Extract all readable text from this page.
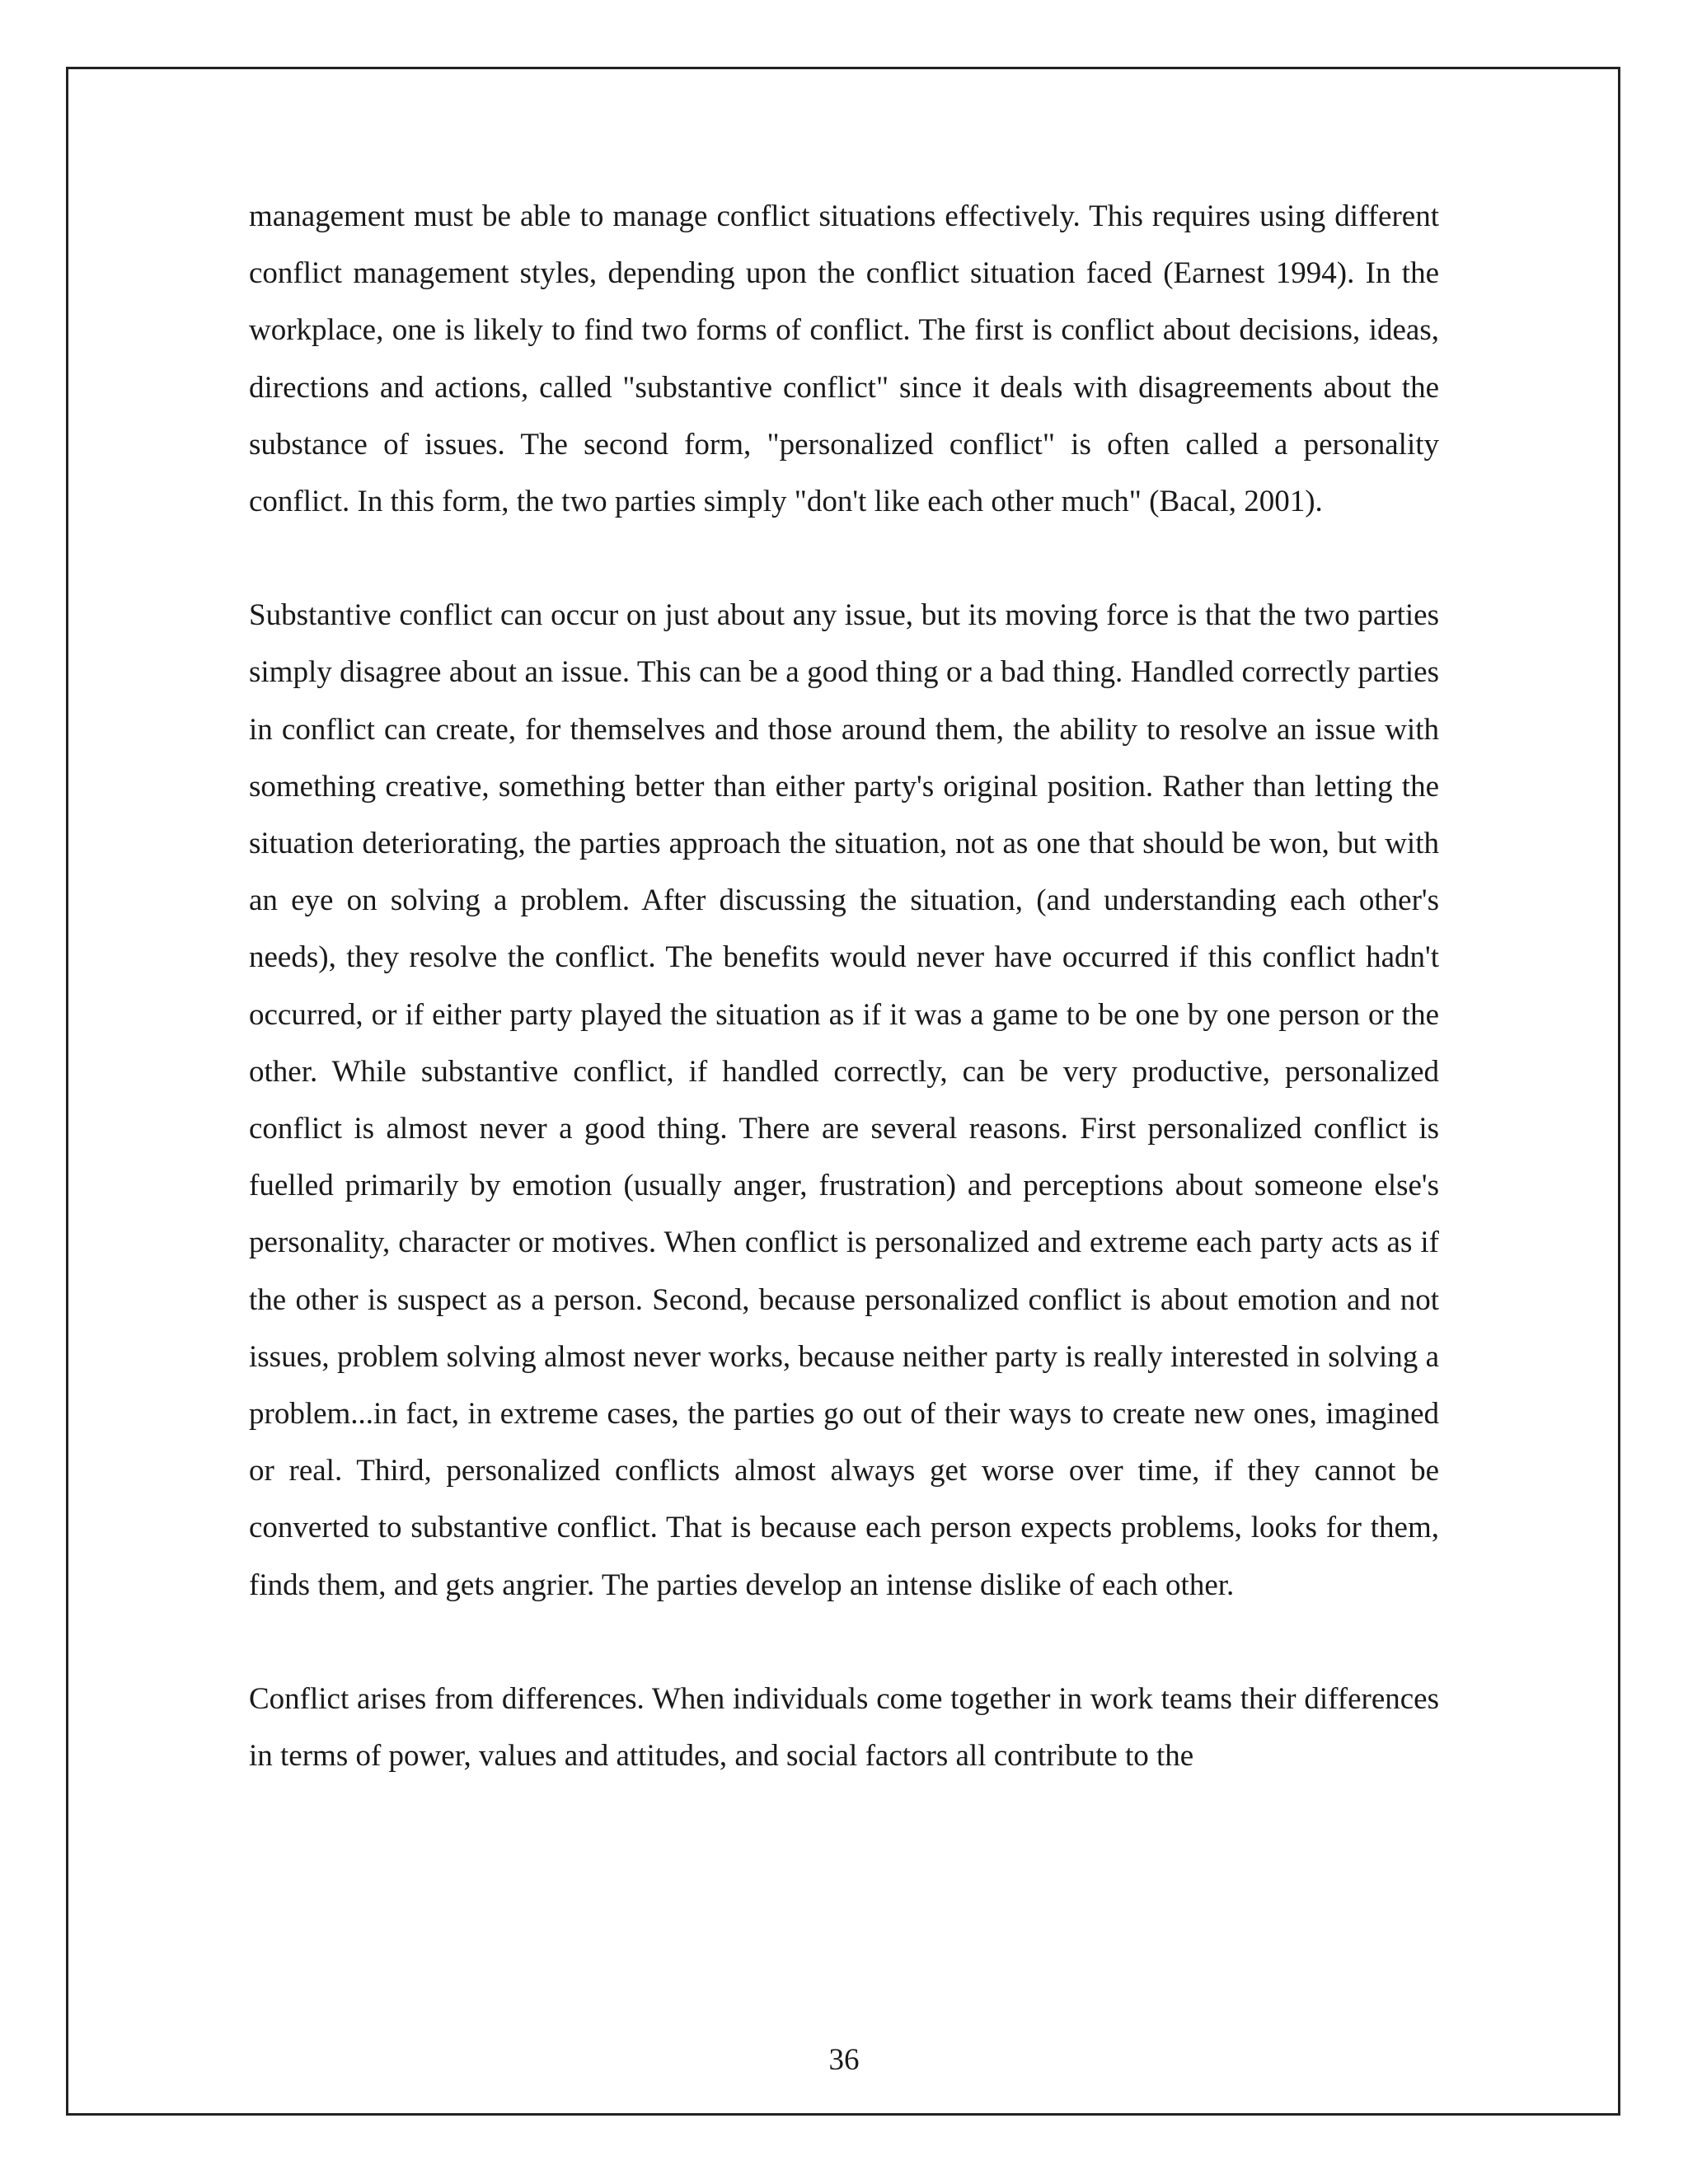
management must be able to manage conflict situations effectively. This requires using different conflict management styles, depending upon the conflict situation faced (Earnest 1994). In the workplace, one is likely to find two forms of conflict. The first is conflict about decisions, ideas, directions and actions, called "substantive conflict" since it deals with disagreements about the substance of issues. The second form, "personalized conflict" is often called a personality conflict. In this form, the two parties simply "don't like each other much" (Bacal, 2001).

Substantive conflict can occur on just about any issue, but its moving force is that the two parties simply disagree about an issue. This can be a good thing or a bad thing. Handled correctly parties in conflict can create, for themselves and those around them, the ability to resolve an issue with something creative, something better than either party's original position. Rather than letting the situation deteriorating, the parties approach the situation, not as one that should be won, but with an eye on solving a problem. After discussing the situation, (and understanding each other's needs), they resolve the conflict. The benefits would never have occurred if this conflict hadn't occurred, or if either party played the situation as if it was a game to be one by one person or the other. While substantive conflict, if handled correctly, can be very productive, personalized conflict is almost never a good thing. There are several reasons. First personalized conflict is fuelled primarily by emotion (usually anger, frustration) and perceptions about someone else's personality, character or motives. When conflict is personalized and extreme each party acts as if the other is suspect as a person. Second, because personalized conflict is about emotion and not issues, problem solving almost never works, because neither party is really interested in solving a problem...in fact, in extreme cases, the parties go out of their ways to create new ones, imagined or real. Third, personalized conflicts almost always get worse over time, if they cannot be converted to substantive conflict. That is because each person expects problems, looks for them, finds them, and gets angrier. The parties develop an intense dislike of each other.

Conflict arises from differences. When individuals come together in work teams their differences in terms of power, values and attitudes, and social factors all contribute to the

36
